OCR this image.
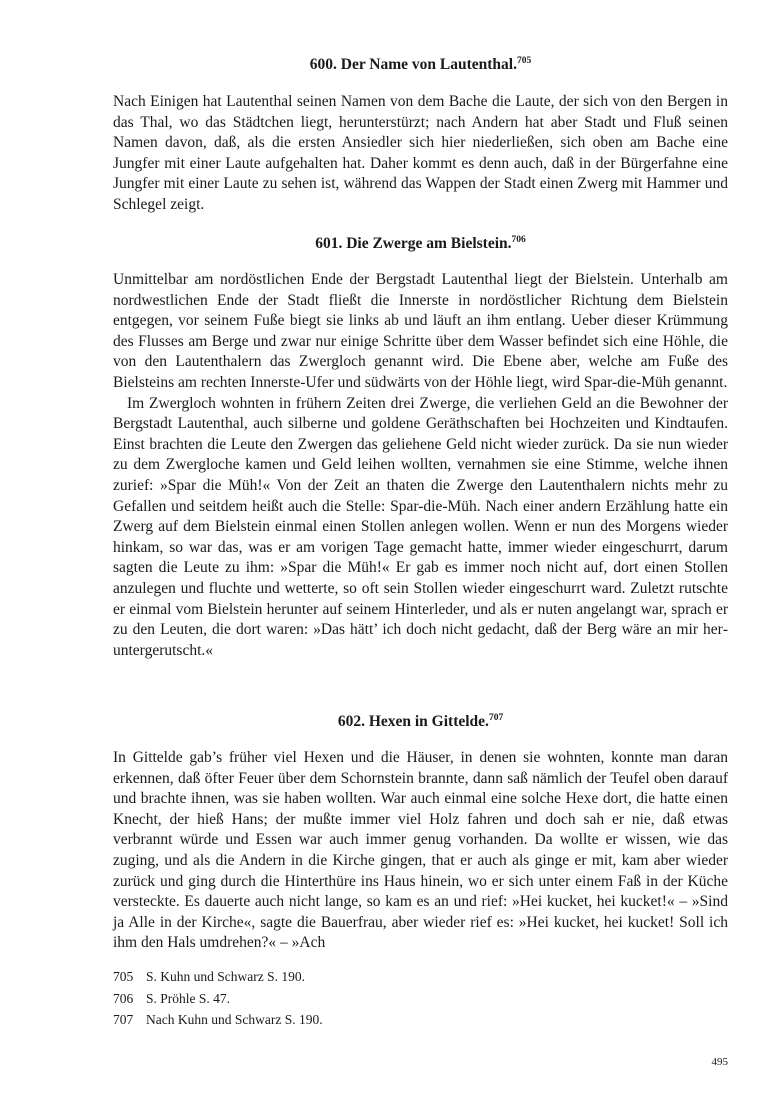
600. Der Name von Lautenthal.$^{705}$

Nach Einigen hat Lautenthal seinen Namen von dem Bache die Laute, der sich von den Bergen in das Thal, wo das Städtchen liegt, herunterstürzt; nach Andern hat aber Stadt und Fluß seinen Namen davon, daß, als die ersten Ansiedler sich hier niederließen, sich oben am Bache eine Jungfer mit einer Laute aufgehalten hat. Daher kommt es denn auch, daß in der Bürgerfahne eine Jungfer mit einer Laute zu sehen ist, während das Wappen der Stadt einen Zwerg mit Hammer und Schlegel zeigt.

601. Die Zwerge am Bielstein.$^{706}$

Unmittelbar am nordöstlichen Ende der Bergstadt Lautenthal liegt der Bielstein. Unterhalb am nordwestlichen Ende der Stadt fließt die Innerste in nordöstlicher Richtung dem Bielstein entgegen, vor seinem Fuße biegt sie links ab und läuft an ihm entlang. Ueber dieser Krümmung des Flusses am Berge und zwar nur einige Schritte über dem Wasser befindet sich eine Höhle, die von den Lautenthalern das Zwergloch genannt wird. Die Ebene aber, welche am Fuße des Bielsteins am rechten Innerste-Ufer und südwärts von der Höhle liegt, wird Spar-die-Müh genannt.

Im Zwergloch wohnten in frühern Zeiten drei Zwerge, die verliehen Geld an die Bewohner der Bergstadt Lautenthal, auch silberne und goldene Geräthschaften bei Hochzeiten und Kindtaufen. Einst brachten die Leute den Zwergen das geliehene Geld nicht wieder zurück. Da sie nun wieder zu dem Zwergloche kamen und Geld leihen wollten, vernahmen sie eine Stimme, welche ihnen zurief: »Spar die Müh!« Von der Zeit an thaten die Zwerge den Lautenthalern nichts mehr zu Gefallen und seitdem heißt auch die Stelle: Spar-die-Müh. Nach einer andern Erzählung hatte ein Zwerg auf dem Bielstein einmal einen Stollen anlegen wollen. Wenn er nun des Morgens wieder hinkam, so war das, was er am vorigen Tage gemacht hatte, immer wieder eingeschurrt, darum sagten die Leute zu ihm: »Spar die Müh!« Er gab es immer noch nicht auf, dort einen Stollen anzulegen und fluchte und wetterte, so oft sein Stollen wieder eingeschurrt ward. Zuletzt rutschte er einmal vom Bielstein herunter auf seinem Hinterleder, und als er nuten angelangt war, sprach er zu den Leuten, die dort waren: »Das hätt’ ich doch nicht gedacht, daß der Berg wäre an mir heruntergerutscht.«

602. Hexen in Gittelde.$^{707}$

In Gittelde gab’s früher viel Hexen und die Häuser, in denen sie wohnten, konnte man daran erkennen, daß öfter Feuer über dem Schornstein brannte, dann saß nämlich der Teufel oben darauf und brachte ihnen, was sie haben wollten. War auch einmal eine solche Hexe dort, die hatte einen Knecht, der hieß Hans; der mußte immer viel Holz fahren und doch sah er nie, daß etwas verbrannt würde und Essen war auch immer genug vorhanden. Da wollte er wissen, wie das zuging, und als die Andern in die Kirche gingen, that er auch als ginge er mit, kam aber wieder zurück und ging durch die Hinterthüre ins Haus hinein, wo er sich unter einem Faß in der Küche versteckte. Es dauerte auch nicht lange, so kam es an und rief: »Hei kucket, hei kucket!« – »Sind ja Alle in der Kirche«, sagte die Bauerfrau, aber wieder rief es: »Hei kucket, hei kucket! Soll ich ihm den Hals umdrehen?« – »Ach

705 S. Kuhn und Schwarz S. 190.

706 S. Pröhle S. 47.

707 Nach Kuhn und Schwarz S. 190.

495
